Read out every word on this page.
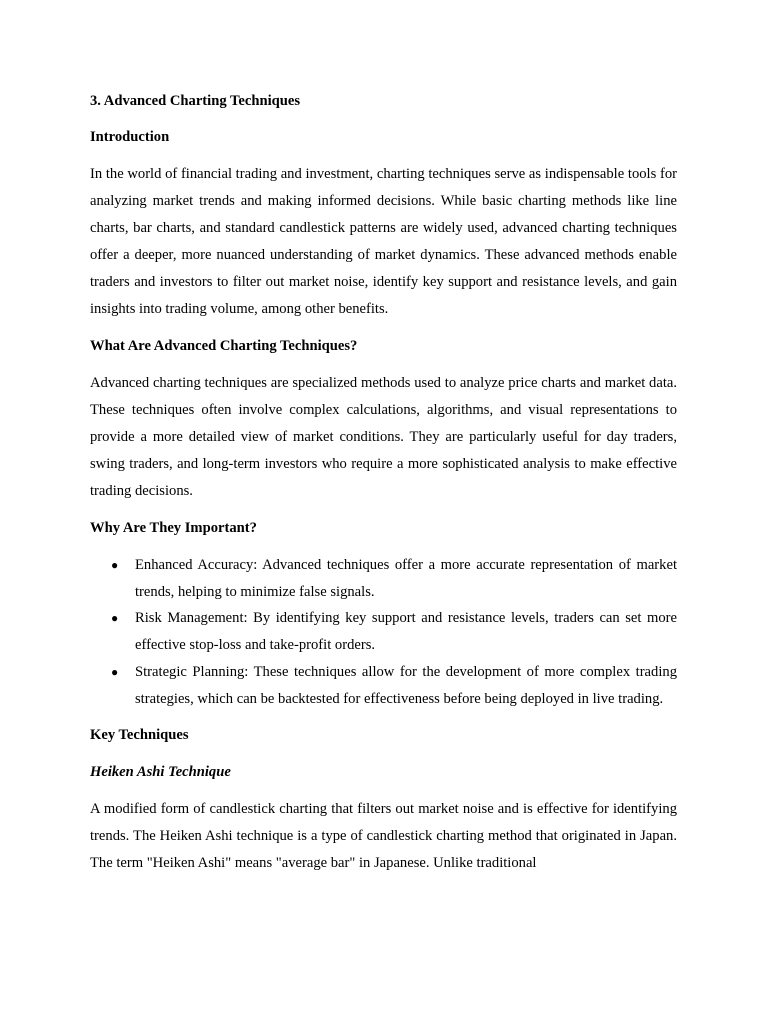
3. Advanced Charting Techniques
Introduction

In the world of financial trading and investment, charting techniques serve as indispensable tools for analyzing market trends and making informed decisions. While basic charting methods like line charts, bar charts, and standard candlestick patterns are widely used, advanced charting techniques offer a deeper, more nuanced understanding of market dynamics. These advanced methods enable traders and investors to filter out market noise, identify key support and resistance levels, and gain insights into trading volume, among other benefits.

What Are Advanced Charting Techniques?

Advanced charting techniques are specialized methods used to analyze price charts and market data. These techniques often involve complex calculations, algorithms, and visual representations to provide a more detailed view of market conditions. They are particularly useful for day traders, swing traders, and long-term investors who require a more sophisticated analysis to make effective trading decisions.

Why Are They Important?
● Enhanced Accuracy: Advanced techniques offer a more accurate representation of market trends, helping to minimize false signals.
● Risk Management: By identifying key support and resistance levels, traders can set more effective stop-loss and take-profit orders.
● Strategic Planning: These techniques allow for the development of more complex trading strategies, which can be backtested for effectiveness before being deployed in live trading.
Key Techniques
Heiken Ashi Technique

A modified form of candlestick charting that filters out market noise and is effective for identifying trends. The Heiken Ashi technique is a type of candlestick charting method that originated in Japan. The term "Heiken Ashi" means "average bar" in Japanese. Unlike traditional
